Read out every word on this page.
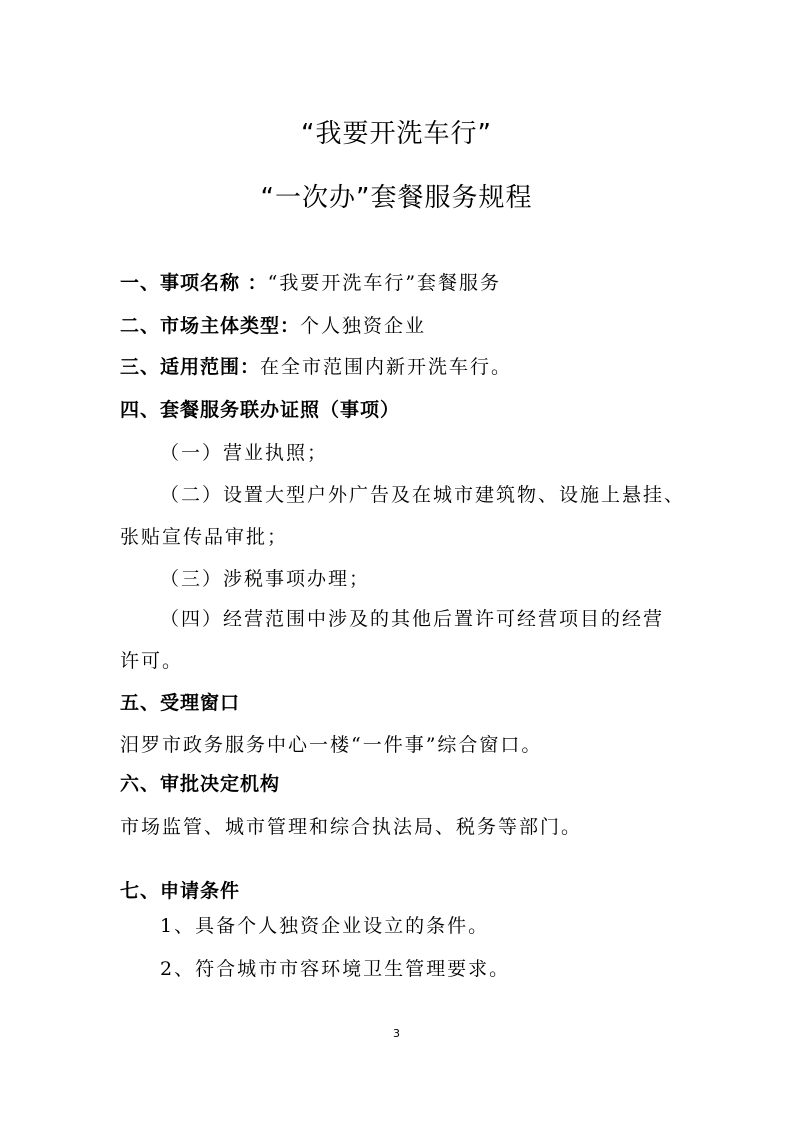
“我要开洗车行”
“一次办”套餐服务规程
一、事项名称 ：“我要开洗车行”套餐服务
二、市场主体类型：个人独资企业
三、适用范围：在全市范围内新开洗车行。
四、套餐服务联办证照（事项）
（一）营业执照；
（二）设置大型户外广告及在城市建筑物、设施上悬挂、
张贴宣传品审批；
（三）涉税事项办理；
（四）经营范围中涉及的其他后置许可经营项目的经营
许可。
五、受理窗口
汨罗市政务服务中心一楼“一件事”综合窗口。
六、审批决定机构
市场监管、城市管理和综合执法局、税务等部门。
七、申请条件
1、具备个人独资企业设立的条件。
2、符合城市市容环境卫生管理要求。
3
